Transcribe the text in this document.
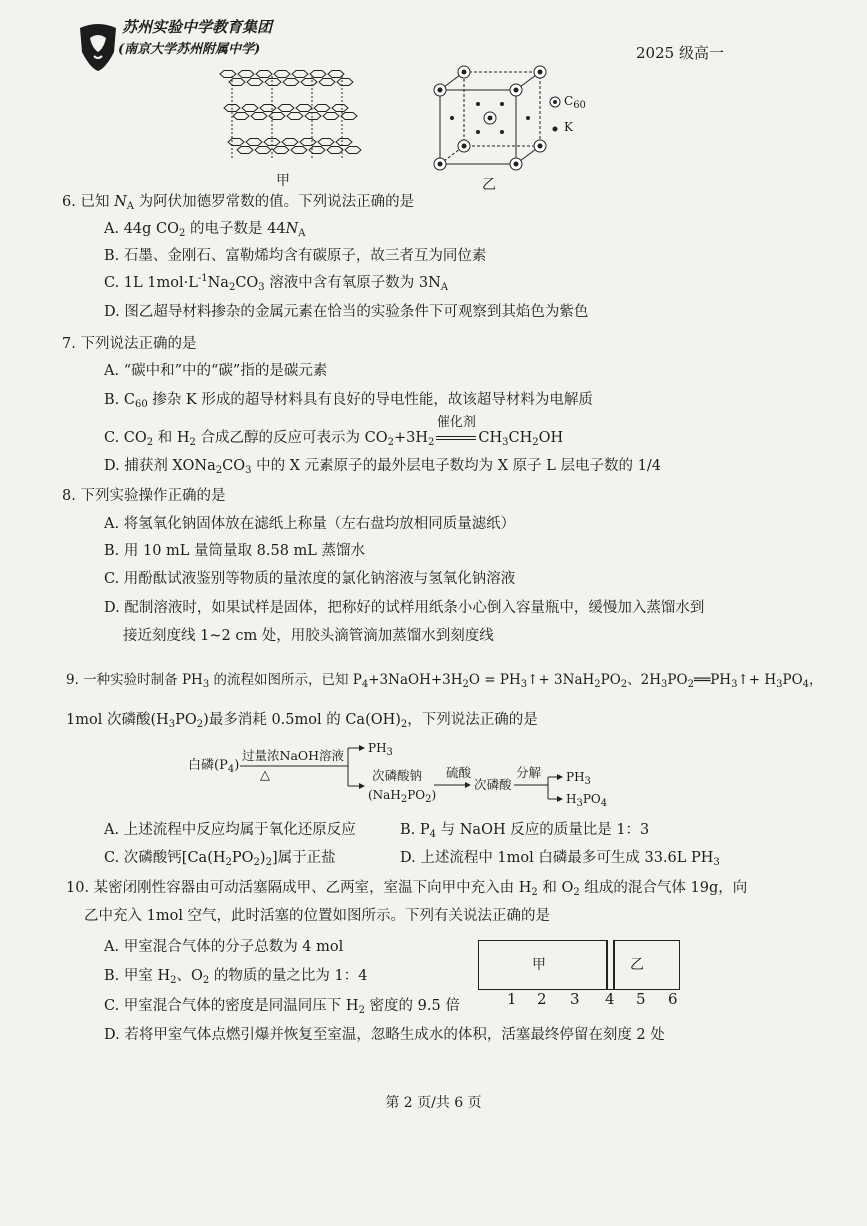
苏州实验中学教育集团
(南京大学苏州附属中学)	2025 级高一
甲
$C_{60}$
K
乙
6. 已知 $N_A$ 为阿伏加德罗常数的值。下列说法正确的是
A. 44g $CO_2$ 的电子数是 $44N_A$
B. 石墨、金刚石、富勒烯均含有碳原子，故三者互为同位素
C. 1L $1mol\cdot L^{-1}Na_2CO_3$ 溶液中含有氧原子数为 $3N_A$
D. 图乙超导材料掺杂的金属元素在恰当的实验条件下可观察到其焰色为紫色
7. 下列说法正确的是
A. “碳中和”中的“碳”指的是碳元素
B. $C_{60}$ 掺杂 K 形成的超导材料具有良好的导电性能，故该超导材料为电解质
C. $CO_2$ 和 $H_2$ 合成乙醇的反应可表示为 $CO_2+3H_2$
催化剂
$CH_3CH_2OH$
D. 捕获剂 $XONa_2CO_3$ 中的 X 元素原子的最外层电子数均为 X 原子 L 层电子数的 1/4
8. 下列实验操作正确的是
A. 将氢氧化钠固体放在滤纸上称量（左右盘均放相同质量滤纸）
B. 用 10 mL 量筒量取 8.58 mL 蒸馏水
C. 用酚酞试液鉴别等物质的量浓度的氯化钠溶液与氢氧化钠溶液
D. 配制溶液时，如果试样是固体，把称好的试样用纸条小心倒入容量瓶中，缓慢加入蒸馏水到
接近刻度线 1~2 cm 处，用胶头滴管滴加蒸馏水到刻度线
9. 一种实验时制备 $PH_3$ 的流程如图所示，已知 $P_4+3NaOH+3H_2O$ = $PH_3↑+ 3NaH_2PO_2$、$2H_3PO_2══PH_3↑+ H_3PO_4$，
1mol 次磷酸$(H_3PO_2)$最多消耗 0.5mol 的 $Ca(OH)_2$，下列说法正确的是
白磷$(P_4)$
过量浓NaOH溶液
△
$PH_3$
次磷酸钠
$(NaH_2PO_2)$
硫酸
次磷酸
分解 $PH_3$
$H_3PO_4$
A. 上述流程中反应均属于氧化还原反应	B. $P_4$ 与 NaOH 反应的质量比是 1：3
C. 次磷酸钙$[Ca(H_2PO_2)_2]$属于正盐	D. 上述流程中 1mol 白磷最多可生成 33.6L $PH_3$
10. 某密闭刚性容器由可动活塞隔成甲、乙两室，室温下向甲中充入由 $H_2$ 和 $O_2$ 组成的混合气体 19g，向
乙中充入 1mol 空气，此时活塞的位置如图所示。下列有关说法正确的是
A. 甲室混合气体的分子总数为 4 mol
B. 甲室 $H_2$、$O_2$ 的物质的量之比为 1：4
C. 甲室混合气体的密度是同温同压下 $H_2$ 密度的 9.5 倍
D. 若将甲室气体点燃引爆并恢复至室温，忽略生成水的体积，活塞最终停留在刻度 2 处
甲	乙
1 2 3 4 5 6
第 2 页/共 6 页
